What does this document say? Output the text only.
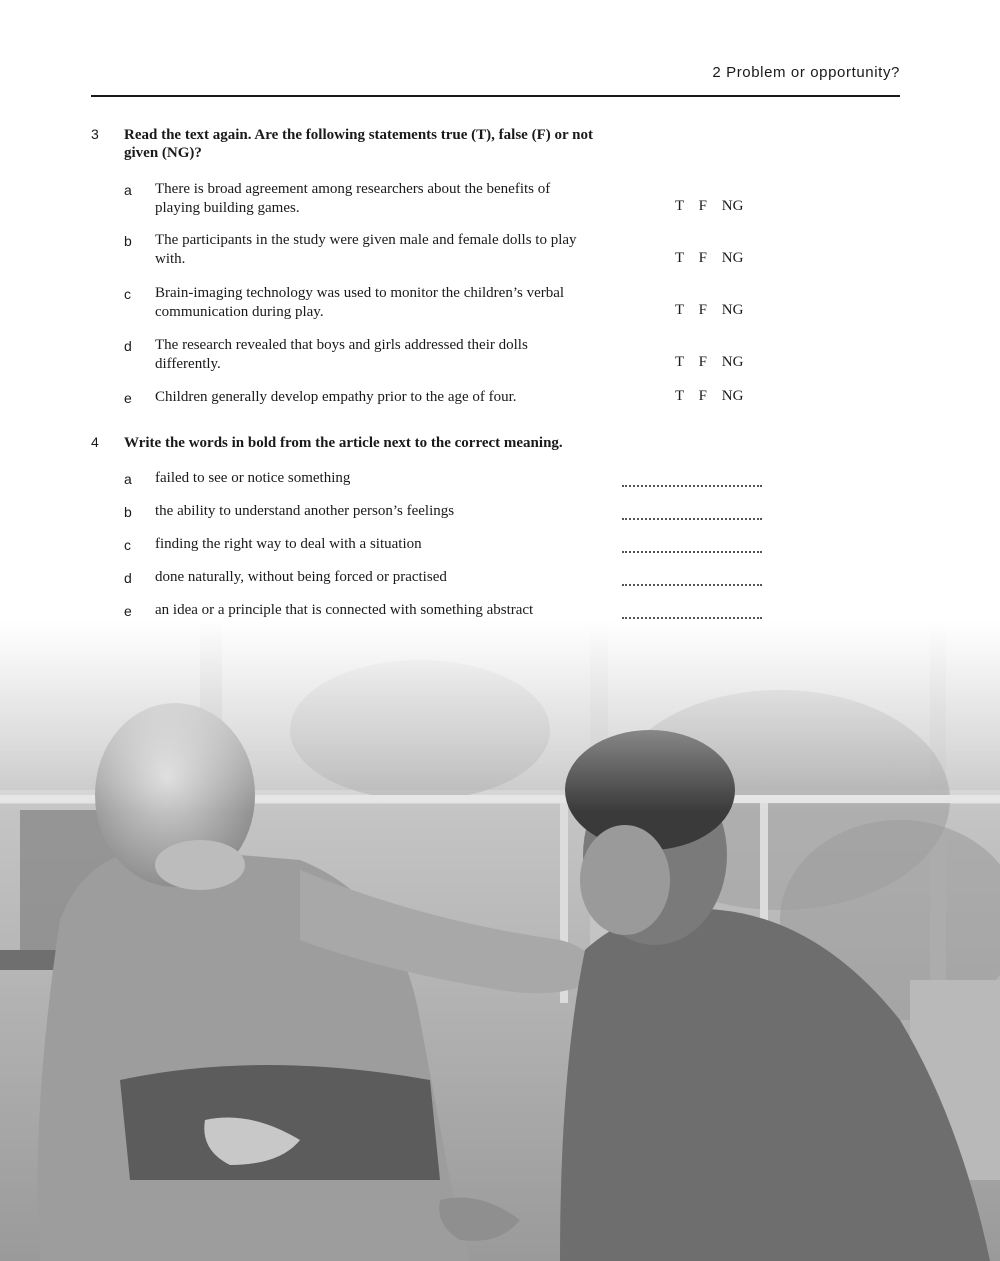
2 Problem or opportunity?
3 Read the text again. Are the following statements true (T), false (F) or not given (NG)?
a There is broad agreement among researchers about the benefits of playing building games.	T F NG
b The participants in the study were given male and female dolls to play with.	T F NG
c Brain-imaging technology was used to monitor the children’s verbal communication during play.	T F NG
d The research revealed that boys and girls addressed their dolls differently.	T F NG
e Children generally develop empathy prior to the age of four.	T F NG
4 Write the words in bold from the article next to the correct meaning.
a failed to see or notice something
b the ability to understand another person’s feelings
c finding the right way to deal with a situation
d done naturally, without being forced or practised
e an idea or a principle that is connected with something abstract
